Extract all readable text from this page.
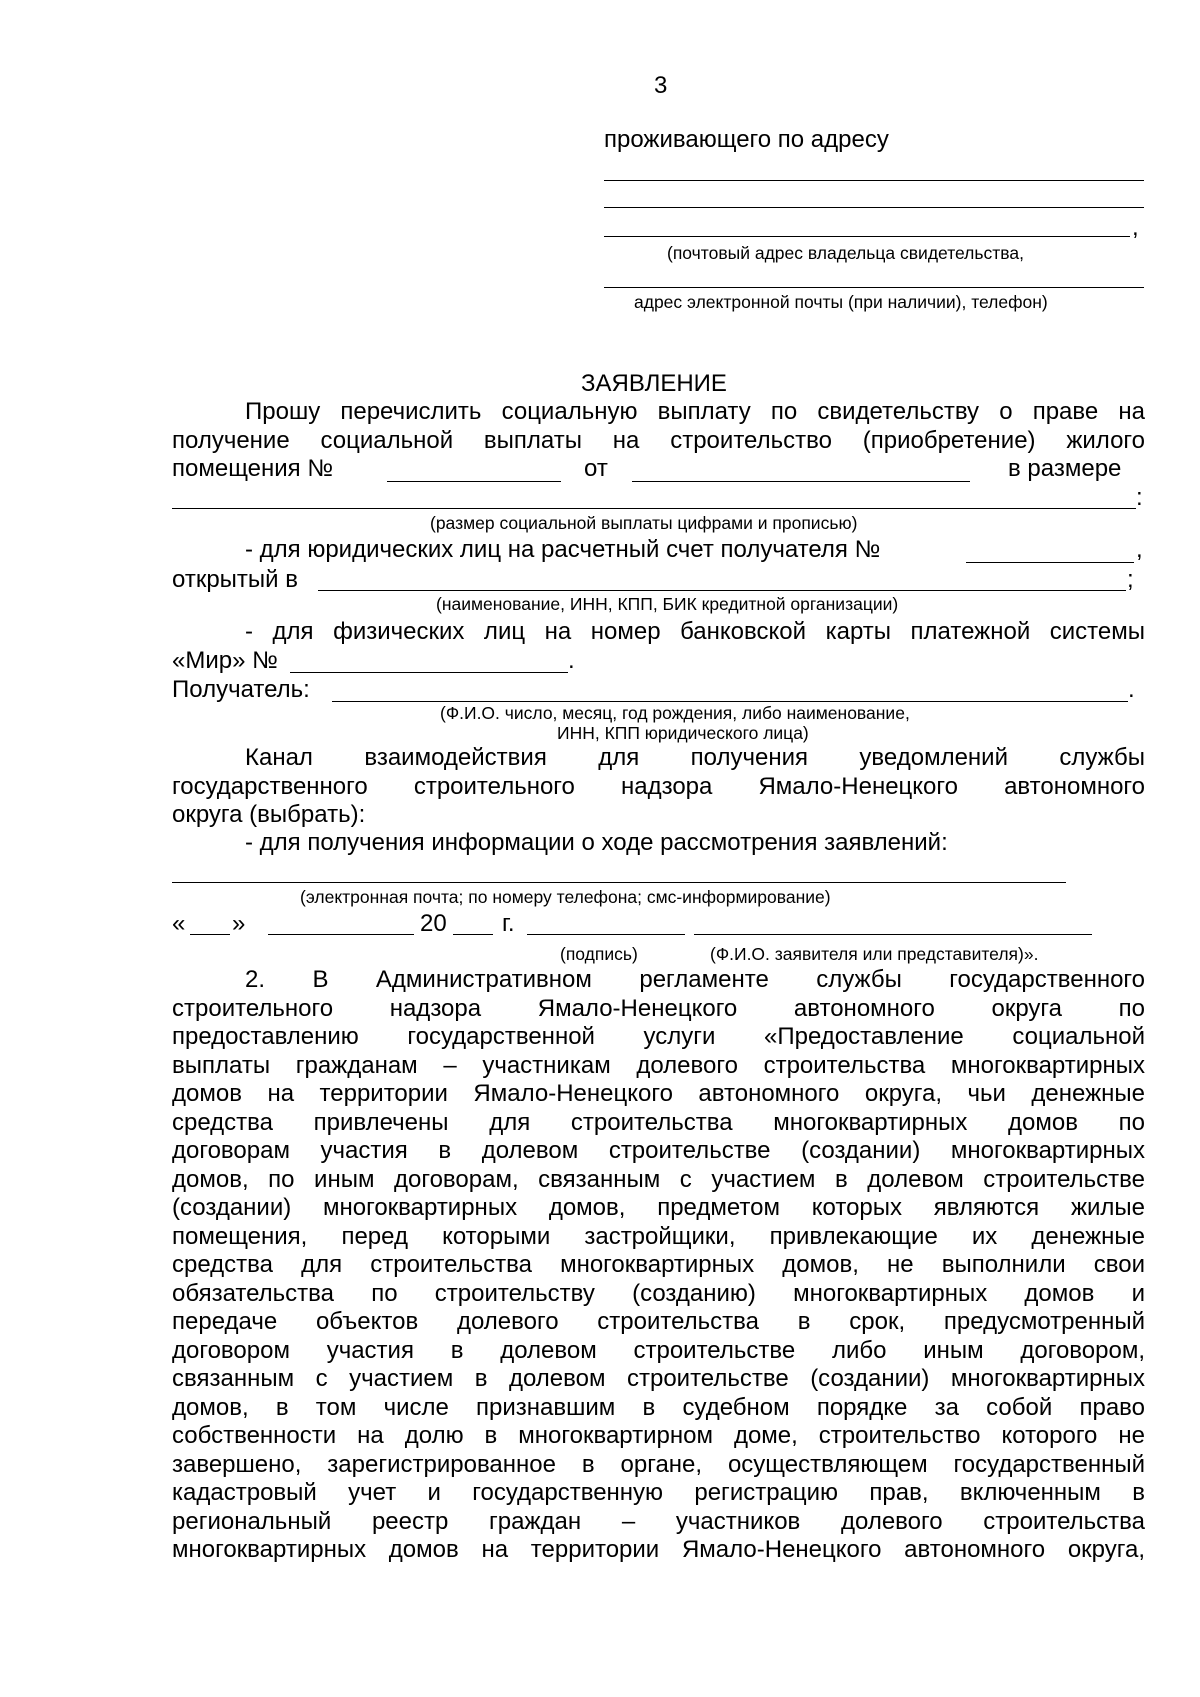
3
проживающего по адресу
,
(почтовый адрес владельца свидетельства,
адрес электронной почты (при наличии), телефон)
ЗАЯВЛЕНИЕ
Прошу перечислить социальную выплату по свидетельству о праве на
получение социальной выплаты на строительство (приобретение) жилого
помещения №	от	в размере
:
(размер социальной выплаты цифрами и прописью)
- для юридических лиц на расчетный счет получателя №	,
открытый в	;
(наименование, ИНН, КПП, БИК кредитной организации)
- для физических лиц на номер банковской карты платежной системы
«Мир» №	.
Получатель:	.
(Ф.И.О. число, месяц, год рождения, либо наименование,
ИНН, КПП юридического лица)
Канал взаимодействия для получения уведомлений службы
государственного строительного надзора Ямало-Ненецкого автономного
округа (выбрать):
- для получения информации о ходе рассмотрения заявлений:
(электронная почта; по номеру телефона; смс-информирование)
« »	20 г.
(подпись)	(Ф.И.О. заявителя или представителя)».
2. В Административном регламенте службы государственного
строительного надзора Ямало-Ненецкого автономного округа по
предоставлению государственной услуги «Предоставление социальной
выплаты гражданам – участникам долевого строительства многоквартирных
домов на территории Ямало-Ненецкого автономного округа, чьи денежные
средства привлечены для строительства многоквартирных домов по
договорам участия в долевом строительстве (создании) многоквартирных
домов, по иным договорам, связанным с участием в долевом строительстве
(создании) многоквартирных домов, предметом которых являются жилые
помещения, перед которыми застройщики, привлекающие их денежные
средства для строительства многоквартирных домов, не выполнили свои
обязательства по строительству (созданию) многоквартирных домов и
передаче объектов долевого строительства в срок, предусмотренный
договором участия в долевом строительстве либо иным договором,
связанным с участием в долевом строительстве (создании) многоквартирных
домов, в том числе признавшим в судебном порядке за собой право
собственности на долю в многоквартирном доме, строительство которого не
завершено, зарегистрированное в органе, осуществляющем государственный
кадастровый учет и государственную регистрацию прав, включенным в
региональный реестр граждан – участников долевого строительства
многоквартирных домов на территории Ямало-Ненецкого автономного округа,
